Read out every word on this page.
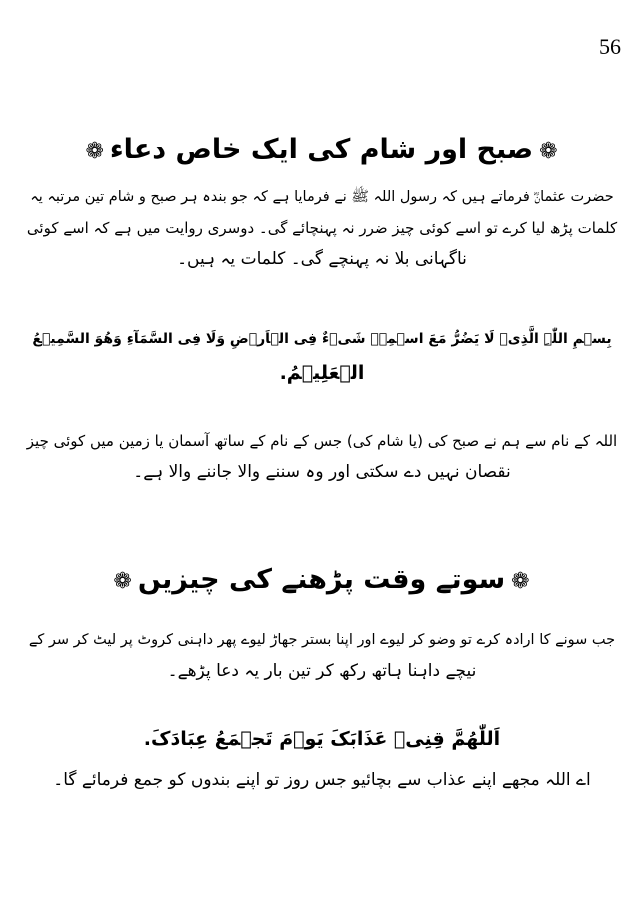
56
❁صبح اور شام کی ایک خاص دعاء❁
حضرت عثمانؓ فرماتے ہیں کہ رسول اللہ ﷺ نے فرمایا ہے کہ جو بندہ ہر صبح و شام تین مرتبہ یہ
کلمات پڑھ لیا کرے تو اسے کوئی چیز ضرر نہ پہنچائے گی۔ دوسری روایت میں ہے کہ اسے کوئی
ناگہانی بلا نہ پہنچے گی۔ کلمات یہ ہیں۔
بِسۡمِ اللّٰہِ الَّذِیۡ لَا یَضُرُّ مَعَ اسۡمِہٖ شَیۡءٌ فِی الۡاَرۡضِ وَلَا فِی السَّمَآءِ وَھُوَ السَّمِیۡعُ
الۡعَلِیۡمُ.
اللہ کے نام سے ہم نے صبح کی (یا شام کی) جس کے نام کے ساتھ آسمان یا زمین میں کوئی چیز
نقصان نہیں دے سکتی اور وہ سننے والا جاننے والا ہے۔
❁سوتے وقت پڑھنے کی چیزیں❁
جب سونے کا ارادہ کرے تو وضو کر لیوے اور اپنا بستر جھاڑ لیوے پھر داہنی کروٹ پر لیٹ کر سر کے
نیچے داہنا ہاتھ رکھ کر تین بار یہ دعا پڑھے۔
اَللّٰھُمَّ قِنِیۡ عَذَابَکَ یَوۡمَ تَجۡمَعُ عِبَادَکَ.
اے اللہ مجھے اپنے عذاب سے بچائیو جس روز تو اپنے بندوں کو جمع فرمائے گا۔
